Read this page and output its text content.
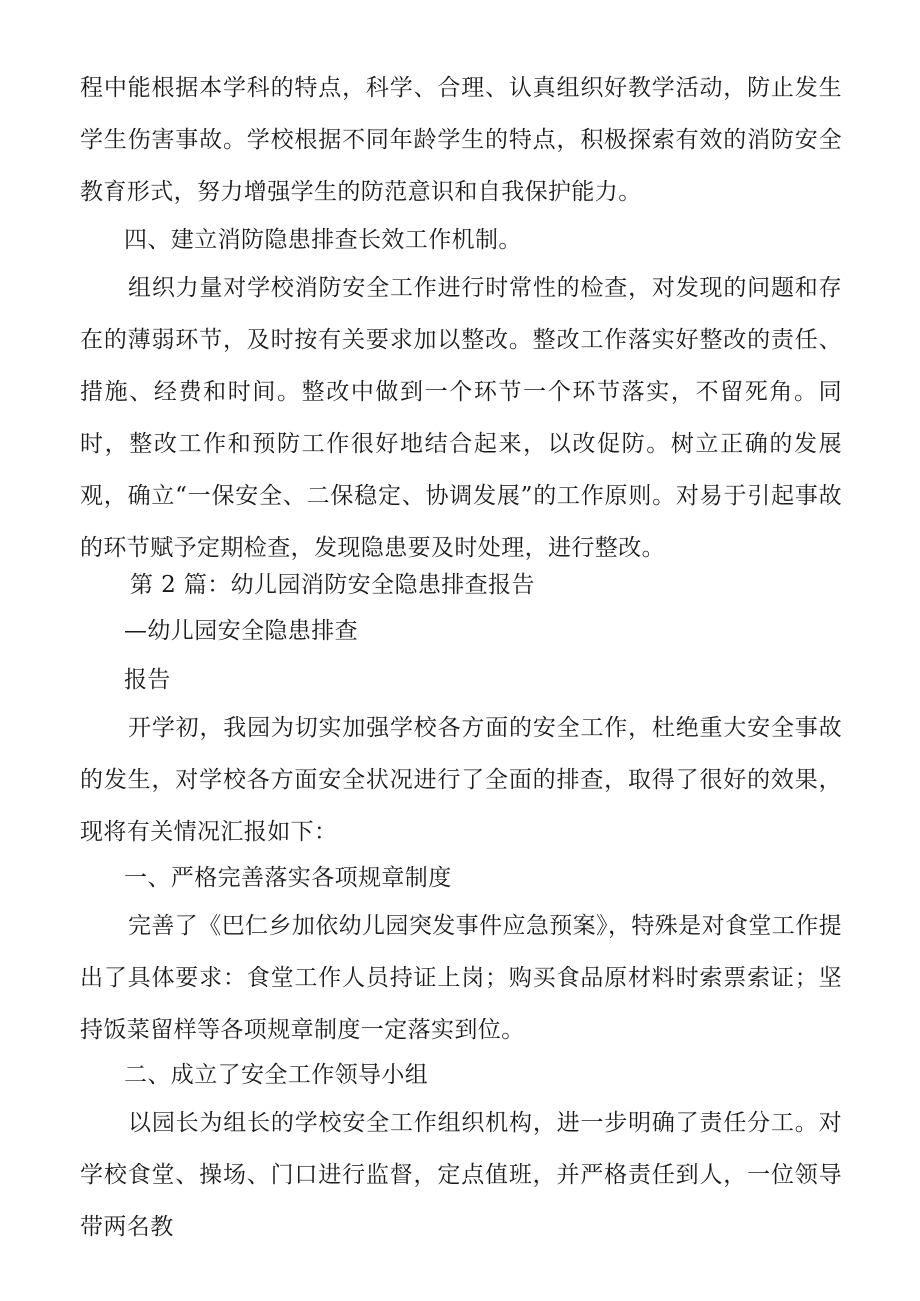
程中能根据本学科的特点，科学、合理、认真组织好教学活动，防止发生学生伤害事故。学校根据不同年龄学生的特点，积极探索有效的消防安全教育形式，努力增强学生的防范意识和自我保护能力。

四、建立消防隐患排查长效工作机制。

组织力量对学校消防安全工作进行时常性的检查，对发现的问题和存在的薄弱环节，及时按有关要求加以整改。整改工作落实好整改的责任、措施、经费和时间。整改中做到一个环节一个环节落实，不留死角。同时，整改工作和预防工作很好地结合起来，以改促防。树立正确的发展观，确立“一保安全、二保稳定、协调发展”的工作原则。对易于引起事故的环节赋予定期检查，发现隐患要及时处理，进行整改。

第 2 篇：幼儿园消防安全隐患排查报告

—幼儿园安全隐患排查

报告

开学初，我园为切实加强学校各方面的安全工作，杜绝重大安全事故的发生，对学校各方面安全状况进行了全面的排查，取得了很好的效果，现将有关情况汇报如下：

一、严格完善落实各项规章制度

完善了《巴仁乡加依幼儿园突发事件应急预案》，特殊是对食堂工作提出了具体要求：食堂工作人员持证上岗；购买食品原材料时索票索证；坚持饭菜留样等各项规章制度一定落实到位。

二、成立了安全工作领导小组

以园长为组长的学校安全工作组织机构，进一步明确了责任分工。对学校食堂、操场、门口进行监督，定点值班，并严格责任到人，一位领导带两名教
